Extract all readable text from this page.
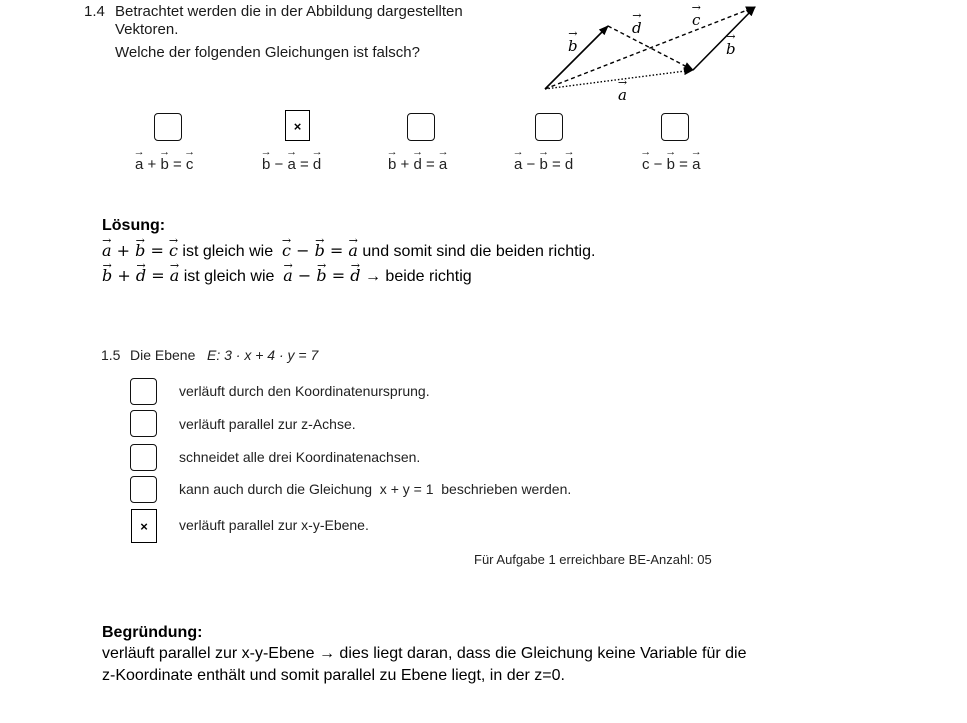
1.4 Betrachtet werden die in der Abbildung dargestellten
Vektoren.
Welche der folgenden Gleichungen ist falsch?	→ b
→ d	→ c
→ b
→ a
×
→ a + → b = → c	→ b − → a = → d	→ b + → d = → a	→ a − → b = → d	→ c − → b = → a
Lösung:
→ a + → b = → c ist gleich wie → c − → b = → a und somit sind die beiden richtig.
→ b + → d = → a ist gleich wie → a − → b = → d → beide richtig
1.5 Die Ebene E: 3 · x + 4 · y = 7
verläuft durch den Koordinatenursprung.
verläuft parallel zur z-Achse.
schneidet alle drei Koordinatenachsen.
kann auch durch die Gleichung  x + y = 1  beschrieben werden.
×	verläuft parallel zur x-y-Ebene.
Für Aufgabe 1 erreichbare BE-Anzahl: 05
Begründung:
verläuft parallel zur x-y-Ebene → dies liegt daran, dass die Gleichung keine Variable für die
z-Koordinate enthält und somit parallel zu Ebene liegt, in der z=0.
